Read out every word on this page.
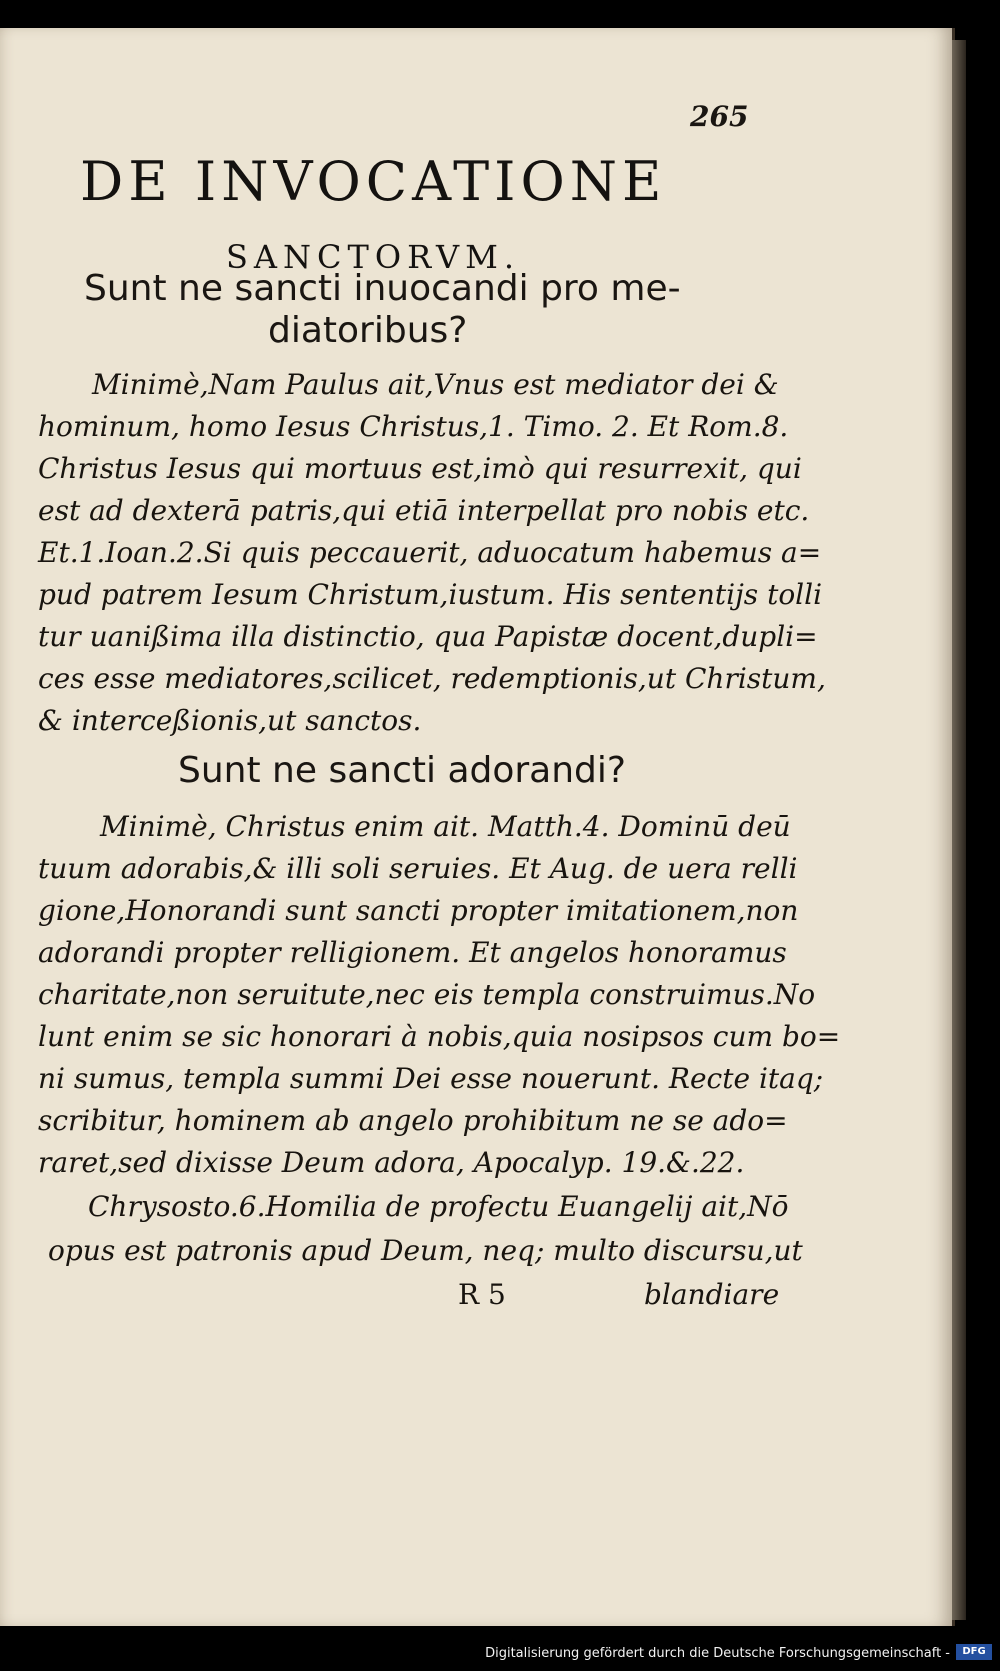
265
DE INVOCATIONE
SANCTORVM.
Sunt ne sancti inuocandi pro me-
diatoribus?
Minimè,Nam Paulus ait,Vnus est mediator dei &
hominum, homo Iesus Christus,1. Timo. 2. Et Rom.8.
Christus Iesus qui mortuus est,imò qui resurrexit, qui
est ad dexterā patris,qui etiā interpellat pro nobis etc.
Et.1.Ioan.2.Si quis peccauerit, aduocatum habemus a=
pud patrem Iesum Christum,iustum. His sententijs tolli
tur uanißima illa distinctio, qua Papistæ docent,dupli=
ces esse mediatores,scilicet, redemptionis,ut Christum,
& interceßionis,ut sanctos.
Sunt ne sancti adorandi?
Minimè, Christus enim ait. Matth.4. Dominū deū
tuum adorabis,& illi soli seruies. Et Aug. de uera relli
gione,Honorandi sunt sancti propter imitationem,non
adorandi propter relligionem. Et angelos honoramus
charitate,non seruitute,nec eis templa construimus.No
lunt enim se sic honorari à nobis,quia nosipsos cum bo=
ni sumus, templa summi Dei esse nouerunt. Recte itaq;
scribitur, hominem ab angelo prohibitum ne se ado=
raret,sed dixisse Deum adora, Apocalyp. 19.&.22.
Chrysosto.6.Homilia de profectu Euangelij ait,Nō
opus est patronis apud Deum, neq; multo discursu,ut
R 5	blandiare
Digitalisierung gefördert durch die Deutsche Forschungsgemeinschaft -	DFG
